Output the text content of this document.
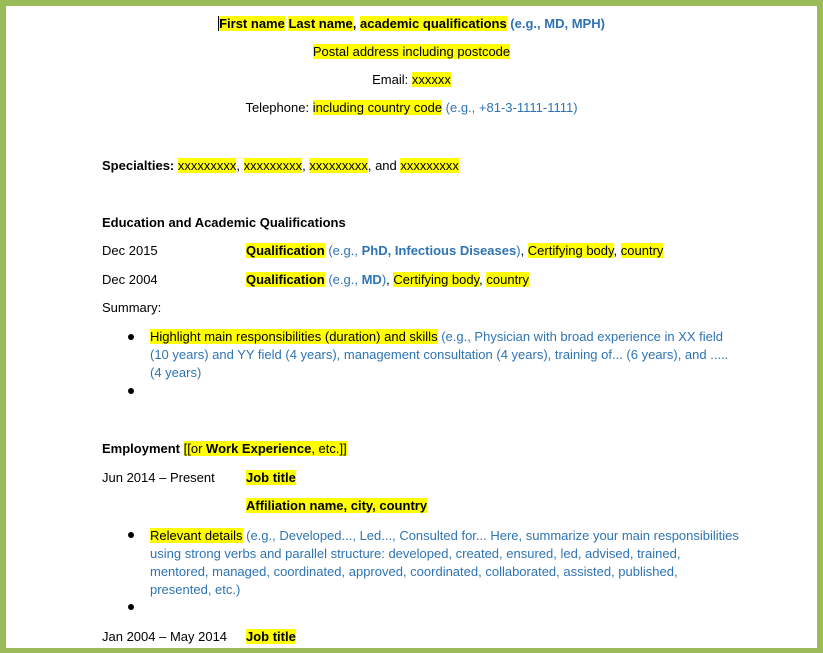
First name Last name, academic qualifications (e.g., MD, MPH)
Postal address including postcode
Email: xxxxxx
Telephone: including country code (e.g., +81-3-1111-1111)
Specialties: xxxxxxxxx, xxxxxxxxx, xxxxxxxxx, and xxxxxxxxx
Education and Academic Qualifications
Dec 2015	Qualification (e.g., PhD, Infectious Diseases), Certifying body, country
Dec 2004	Qualification (e.g., MD), Certifying body, country
Summary:
Highlight main responsibilities (duration) and skills (e.g., Physician with broad experience in XX field (10 years) and YY field (4 years), management consultation (4 years), training of... (6 years), and ..... (4 years)
Employment [[or Work Experience, etc.]]
Jun 2014 – Present Job title
Affiliation name, city, country
Relevant details (e.g., Developed..., Led..., Consulted for... Here, summarize your main responsibilities using strong verbs and parallel structure: developed, created, ensured, led, advised, trained, mentored, managed, coordinated, approved, coordinated, collaborated, assisted, published, presented, etc.)
Jan 2004 – May 2014 Job title
